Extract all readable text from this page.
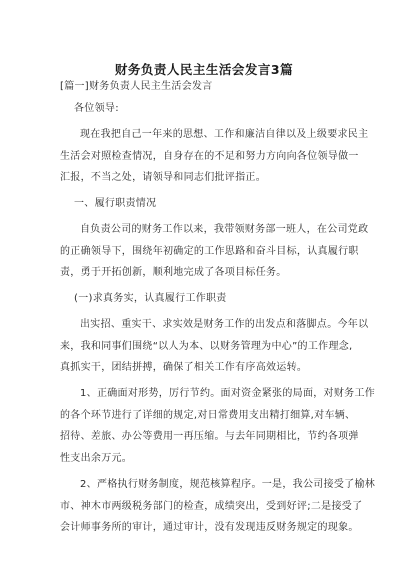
财务负责人民主生活会发言3篇
[篇一]财务负责人民主生活会发言
各位领导:
现在我把自己一年来的思想、工作和廉洁自律以及上级要求民主
生活会对照检查情况，自身存在的不足和努力方向向各位领导做一
汇报，不当之处，请领导和同志们批评指正。
一、履行职责情况
自负责公司的财务工作以来，我带领财务部一班人，在公司党政
的正确领导下，围绕年初确定的工作思路和奋斗目标，认真履行职
责，勇于开拓创新，顺利地完成了各项目标任务。
(一)求真务实，认真履行工作职责
出实招、重实干、求实效是财务工作的出发点和落脚点。今年以
来，我和同事们围绕“以人为本、以财务管理为中心”的工作理念,
真抓实干，团结拼搏，确保了相关工作有序高效运转。
1、正确面对形势，厉行节约。面对资金紧张的局面，对财务工作
的各个环节进行了详细的规定,对日常费用支出精打细算,对车辆、
招待、差旅、办公等费用一再压缩。与去年同期相比，节约各项弹
性支出余万元。
2、严格执行财务制度，规范核算程序。一是，我公司接受了榆林
市、神木市两级税务部门的检查，成绩突出，受到好评;二是接受了
会计师事务所的审计，通过审计，没有发现违反财务规定的现象。
